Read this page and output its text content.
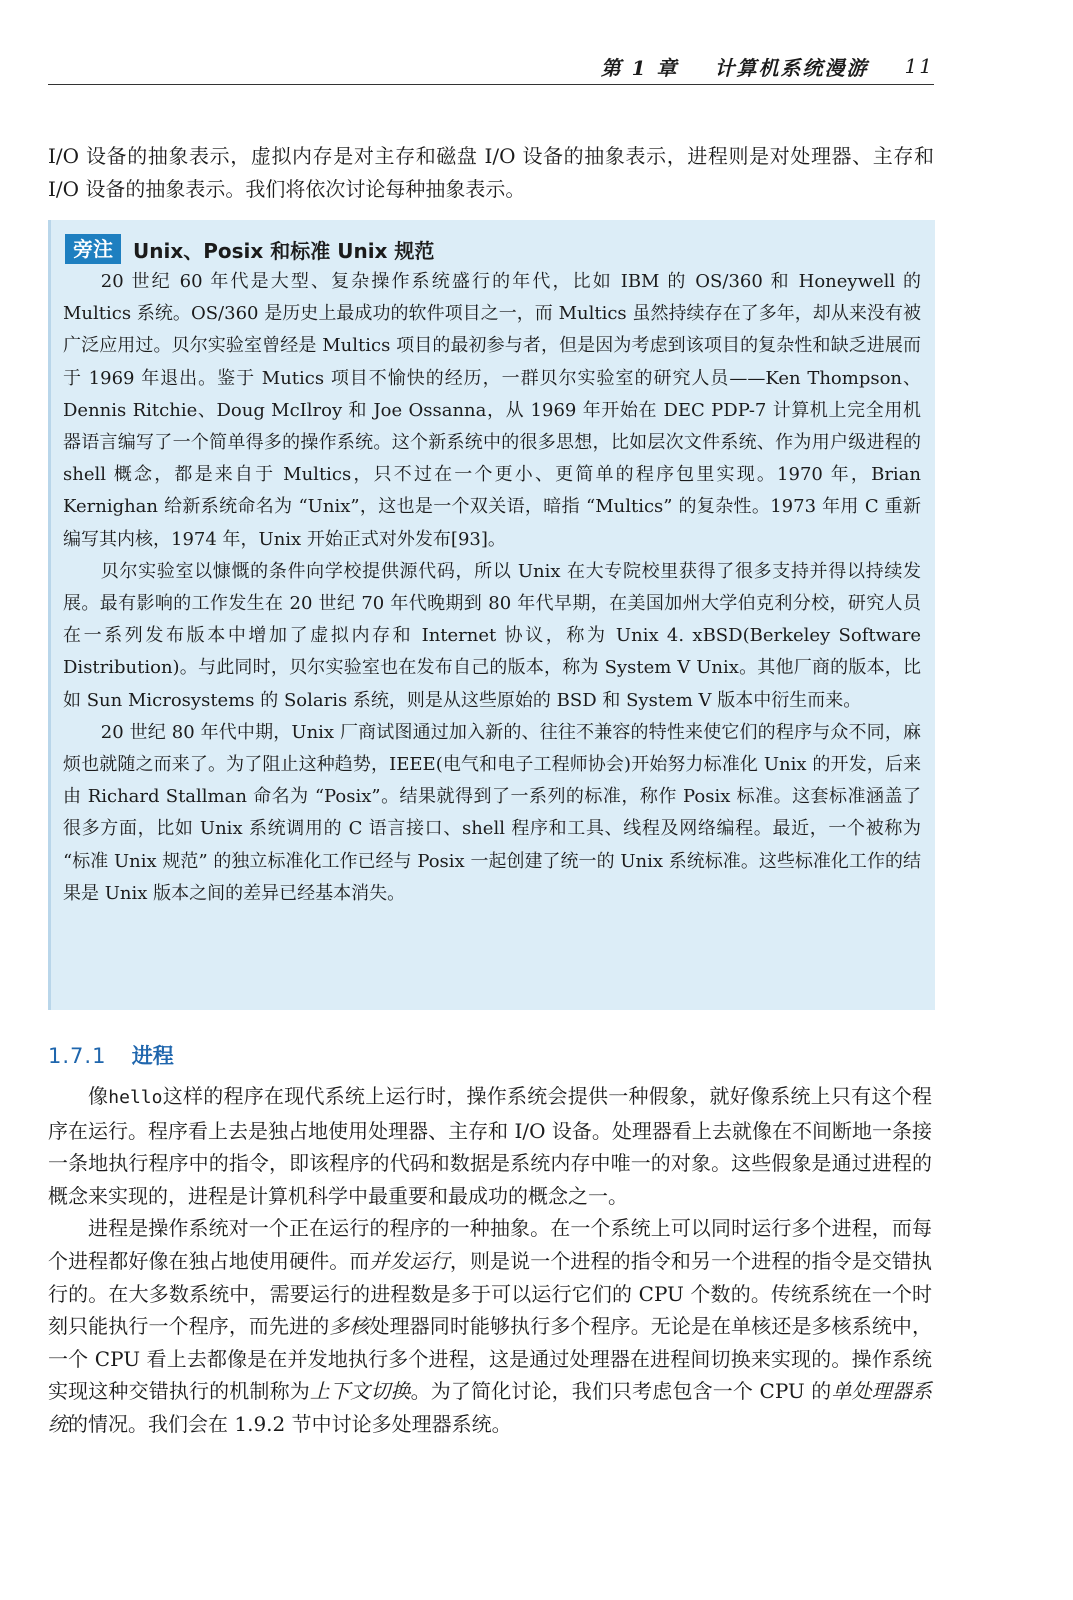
第 1 章 计算机系统漫游 11

I/O 设备的抽象表示，虚拟内存是对主存和磁盘 I/O 设备的抽象表示，进程则是对处理器、主存和 I/O 设备的抽象表示。我们将依次讨论每种抽象表示。

旁注	Unix、Posix 和标准 Unix 规范

20 世纪 60 年代是大型、复杂操作系统盛行的年代，比如 IBM 的 OS/360 和 Honeywell 的 Multics 系统。OS/360 是历史上最成功的软件项目之一，而 Multics 虽然持续存在了多年，却从来没有被广泛应用过。贝尔实验室曾经是 Multics 项目的最初参与者，但是因为考虑到该项目的复杂性和缺乏进展而于 1969 年退出。鉴于 Mutics 项目不愉快的经历，一群贝尔实验室的研究人员——Ken Thompson、Dennis Ritchie、Doug McIlroy 和 Joe Ossanna，从 1969 年开始在 DEC PDP-7 计算机上完全用机器语言编写了一个简单得多的操作系统。这个新系统中的很多思想，比如层次文件系统、作为用户级进程的 shell 概念，都是来自于 Multics，只不过在一个更小、更简单的程序包里实现。1970 年，Brian Kernighan 给新系统命名为 “Unix”，这也是一个双关语，暗指 “Multics” 的复杂性。1973 年用 C 重新编写其内核，1974 年，Unix 开始正式对外发布[93]。

贝尔实验室以慷慨的条件向学校提供源代码，所以 Unix 在大专院校里获得了很多支持并得以持续发展。最有影响的工作发生在 20 世纪 70 年代晚期到 80 年代早期，在美国加州大学伯克利分校，研究人员在一系列发布版本中增加了虚拟内存和 Internet 协议，称为 Unix 4. xBSD(Berkeley Software Distribution)。与此同时，贝尔实验室也在发布自己的版本，称为 System V Unix。其他厂商的版本，比如 Sun Microsystems 的 Solaris 系统，则是从这些原始的 BSD 和 System V 版本中衍生而来。

20 世纪 80 年代中期，Unix 厂商试图通过加入新的、往往不兼容的特性来使它们的程序与众不同，麻烦也就随之而来了。为了阻止这种趋势，IEEE(电气和电子工程师协会)开始努力标准化 Unix 的开发，后来由 Richard Stallman 命名为 “Posix”。结果就得到了一系列的标准，称作 Posix 标准。这套标准涵盖了很多方面，比如 Unix 系统调用的 C 语言接口、shell 程序和工具、线程及网络编程。最近，一个被称为 “标准 Unix 规范” 的独立标准化工作已经与 Posix 一起创建了统一的 Unix 系统标准。这些标准化工作的结果是 Unix 版本之间的差异已经基本消失。

1.7.1 进程

像hello这样的程序在现代系统上运行时，操作系统会提供一种假象，就好像系统上只有这个程序在运行。程序看上去是独占地使用处理器、主存和 I/O 设备。处理器看上去就像在不间断地一条接一条地执行程序中的指令，即该程序的代码和数据是系统内存中唯一的对象。这些假象是通过进程的概念来实现的，进程是计算机科学中最重要和最成功的概念之一。

进程是操作系统对一个正在运行的程序的一种抽象。在一个系统上可以同时运行多个进程，而每个进程都好像在独占地使用硬件。而并发运行，则是说一个进程的指令和另一个进程的指令是交错执行的。在大多数系统中，需要运行的进程数是多于可以运行它们的 CPU 个数的。传统系统在一个时刻只能执行一个程序，而先进的多核处理器同时能够执行多个程序。无论是在单核还是多核系统中，一个 CPU 看上去都像是在并发地执行多个进程，这是通过处理器在进程间切换来实现的。操作系统实现这种交错执行的机制称为上下文切换。为了简化讨论，我们只考虑包含一个 CPU 的单处理器系统的情况。我们会在 1.9.2 节中讨论多处理器系统。
